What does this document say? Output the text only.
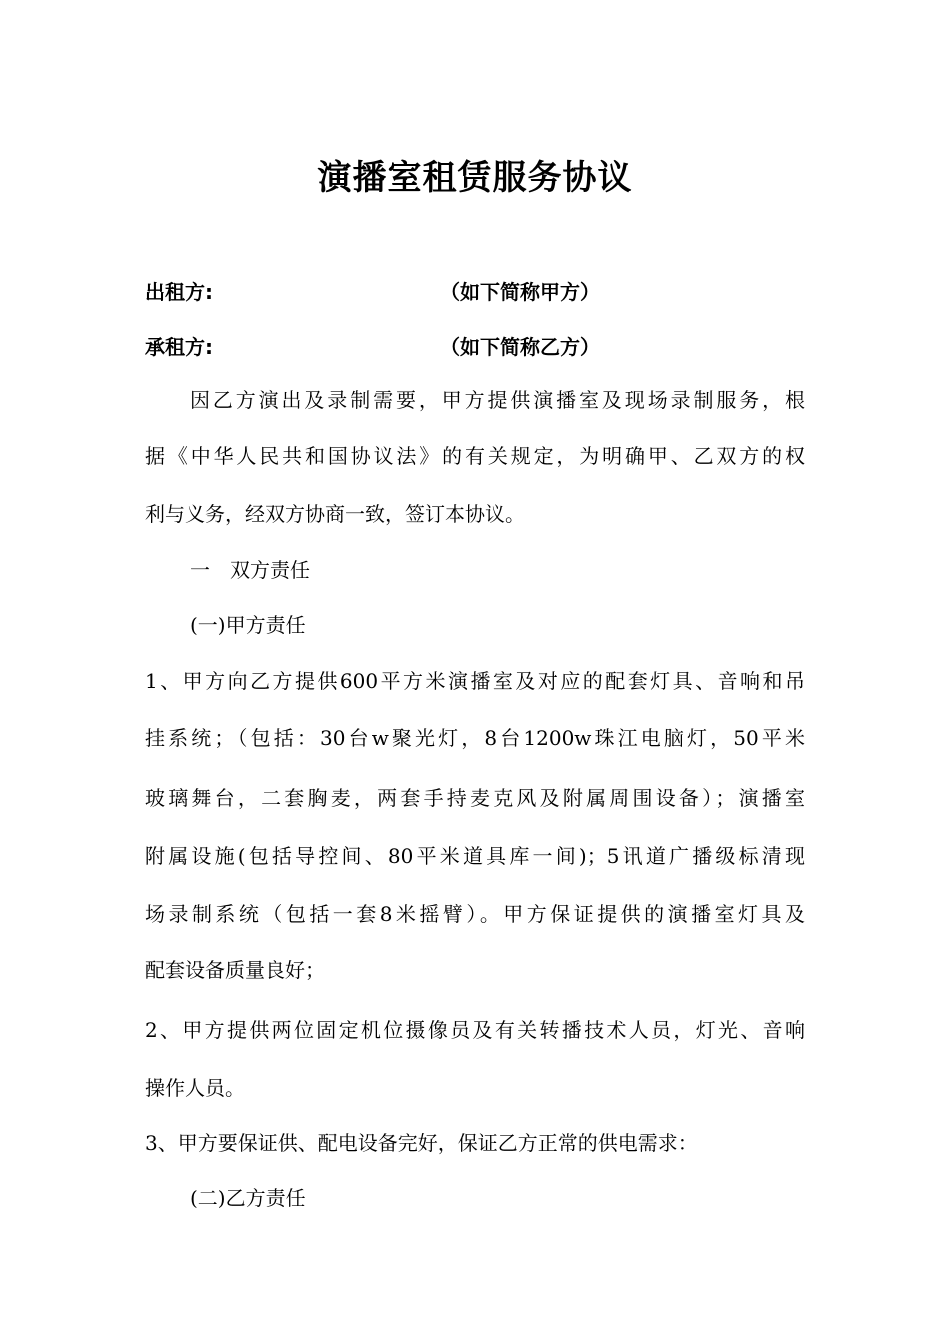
演播室租赁服务协议
出租方:	（如下简称甲方）
承租方:	（如下简称乙方）
因乙方演出及录制需要，甲方提供演播室及现场录制服务，根
据《中华人民共和国协议法》的有关规定，为明确甲、乙双方的权
利与义务，经双方协商一致，签订本协议。
一　双方责任
(一)甲方责任
1、甲方向乙方提供600平方米演播室及对应的配套灯具、音响和吊
挂系统；（包括：30台w聚光灯，8台1200w珠江电脑灯，50平米
玻璃舞台，二套胸麦，两套手持麦克风及附属周围设备）；演播室
附属设施(包括导控间、80平米道具库一间)；5讯道广播级标清现
场录制系统（包括一套8米摇臂）。甲方保证提供的演播室灯具及
配套设备质量良好；
2、甲方提供两位固定机位摄像员及有关转播技术人员，灯光、音响
操作人员。
3、甲方要保证供、配电设备完好，保证乙方正常的供电需求：
(二)乙方责任
